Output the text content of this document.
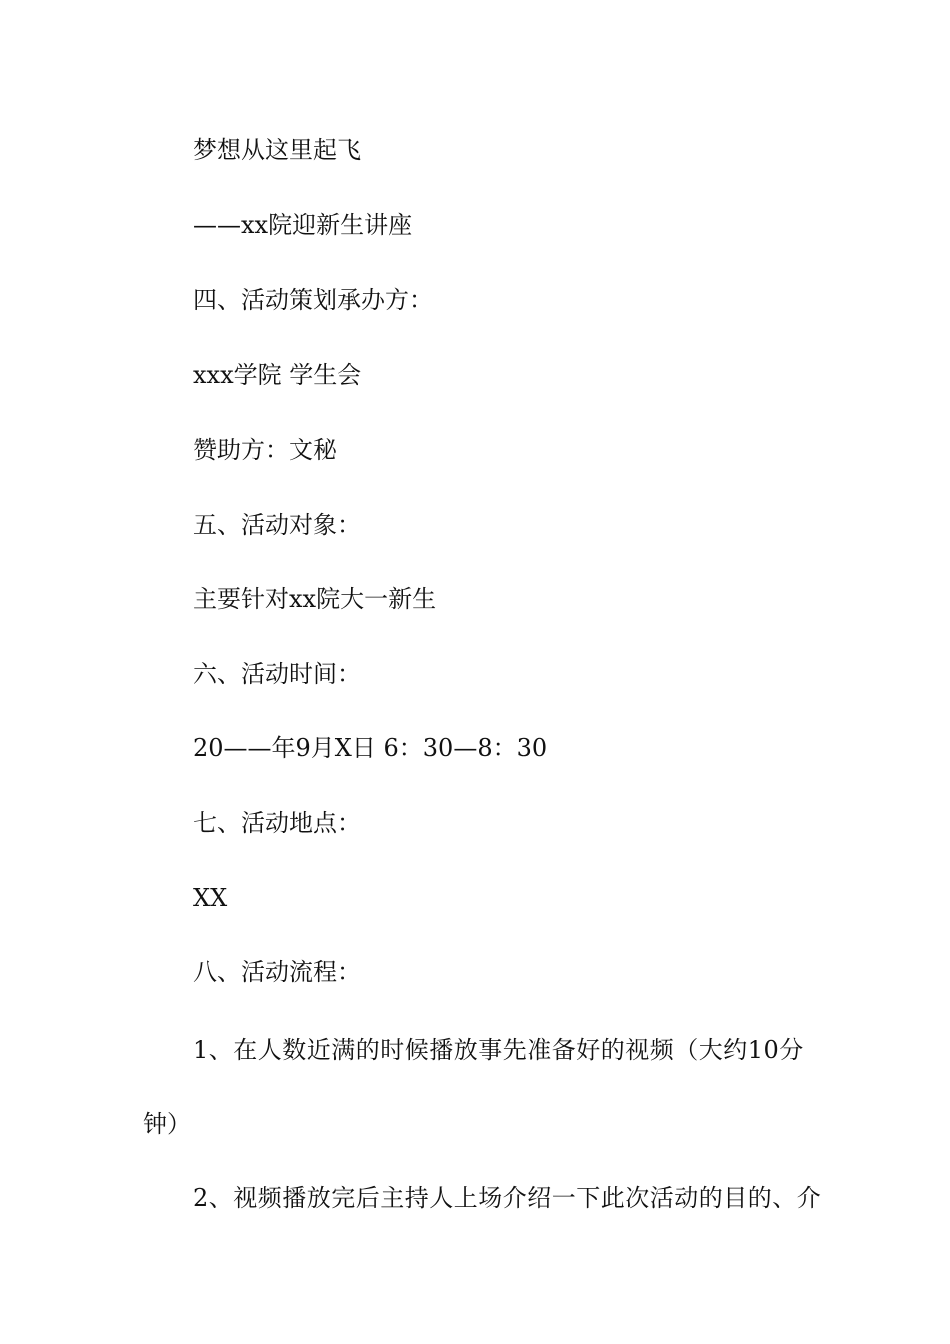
梦想从这里起飞
——xx院迎新生讲座
四、活动策划承办方：
xxx学院 学生会
赞助方：文秘
五、活动对象：
主要针对xx院大一新生
六、活动时间：
20——年9月X日 6：30—8：30
七、活动地点：
XX
八、活动流程：
1、在人数近满的时候播放事先准备好的视频（大约10分
钟）
2、视频播放完后主持人上场介绍一下此次活动的目的、介
